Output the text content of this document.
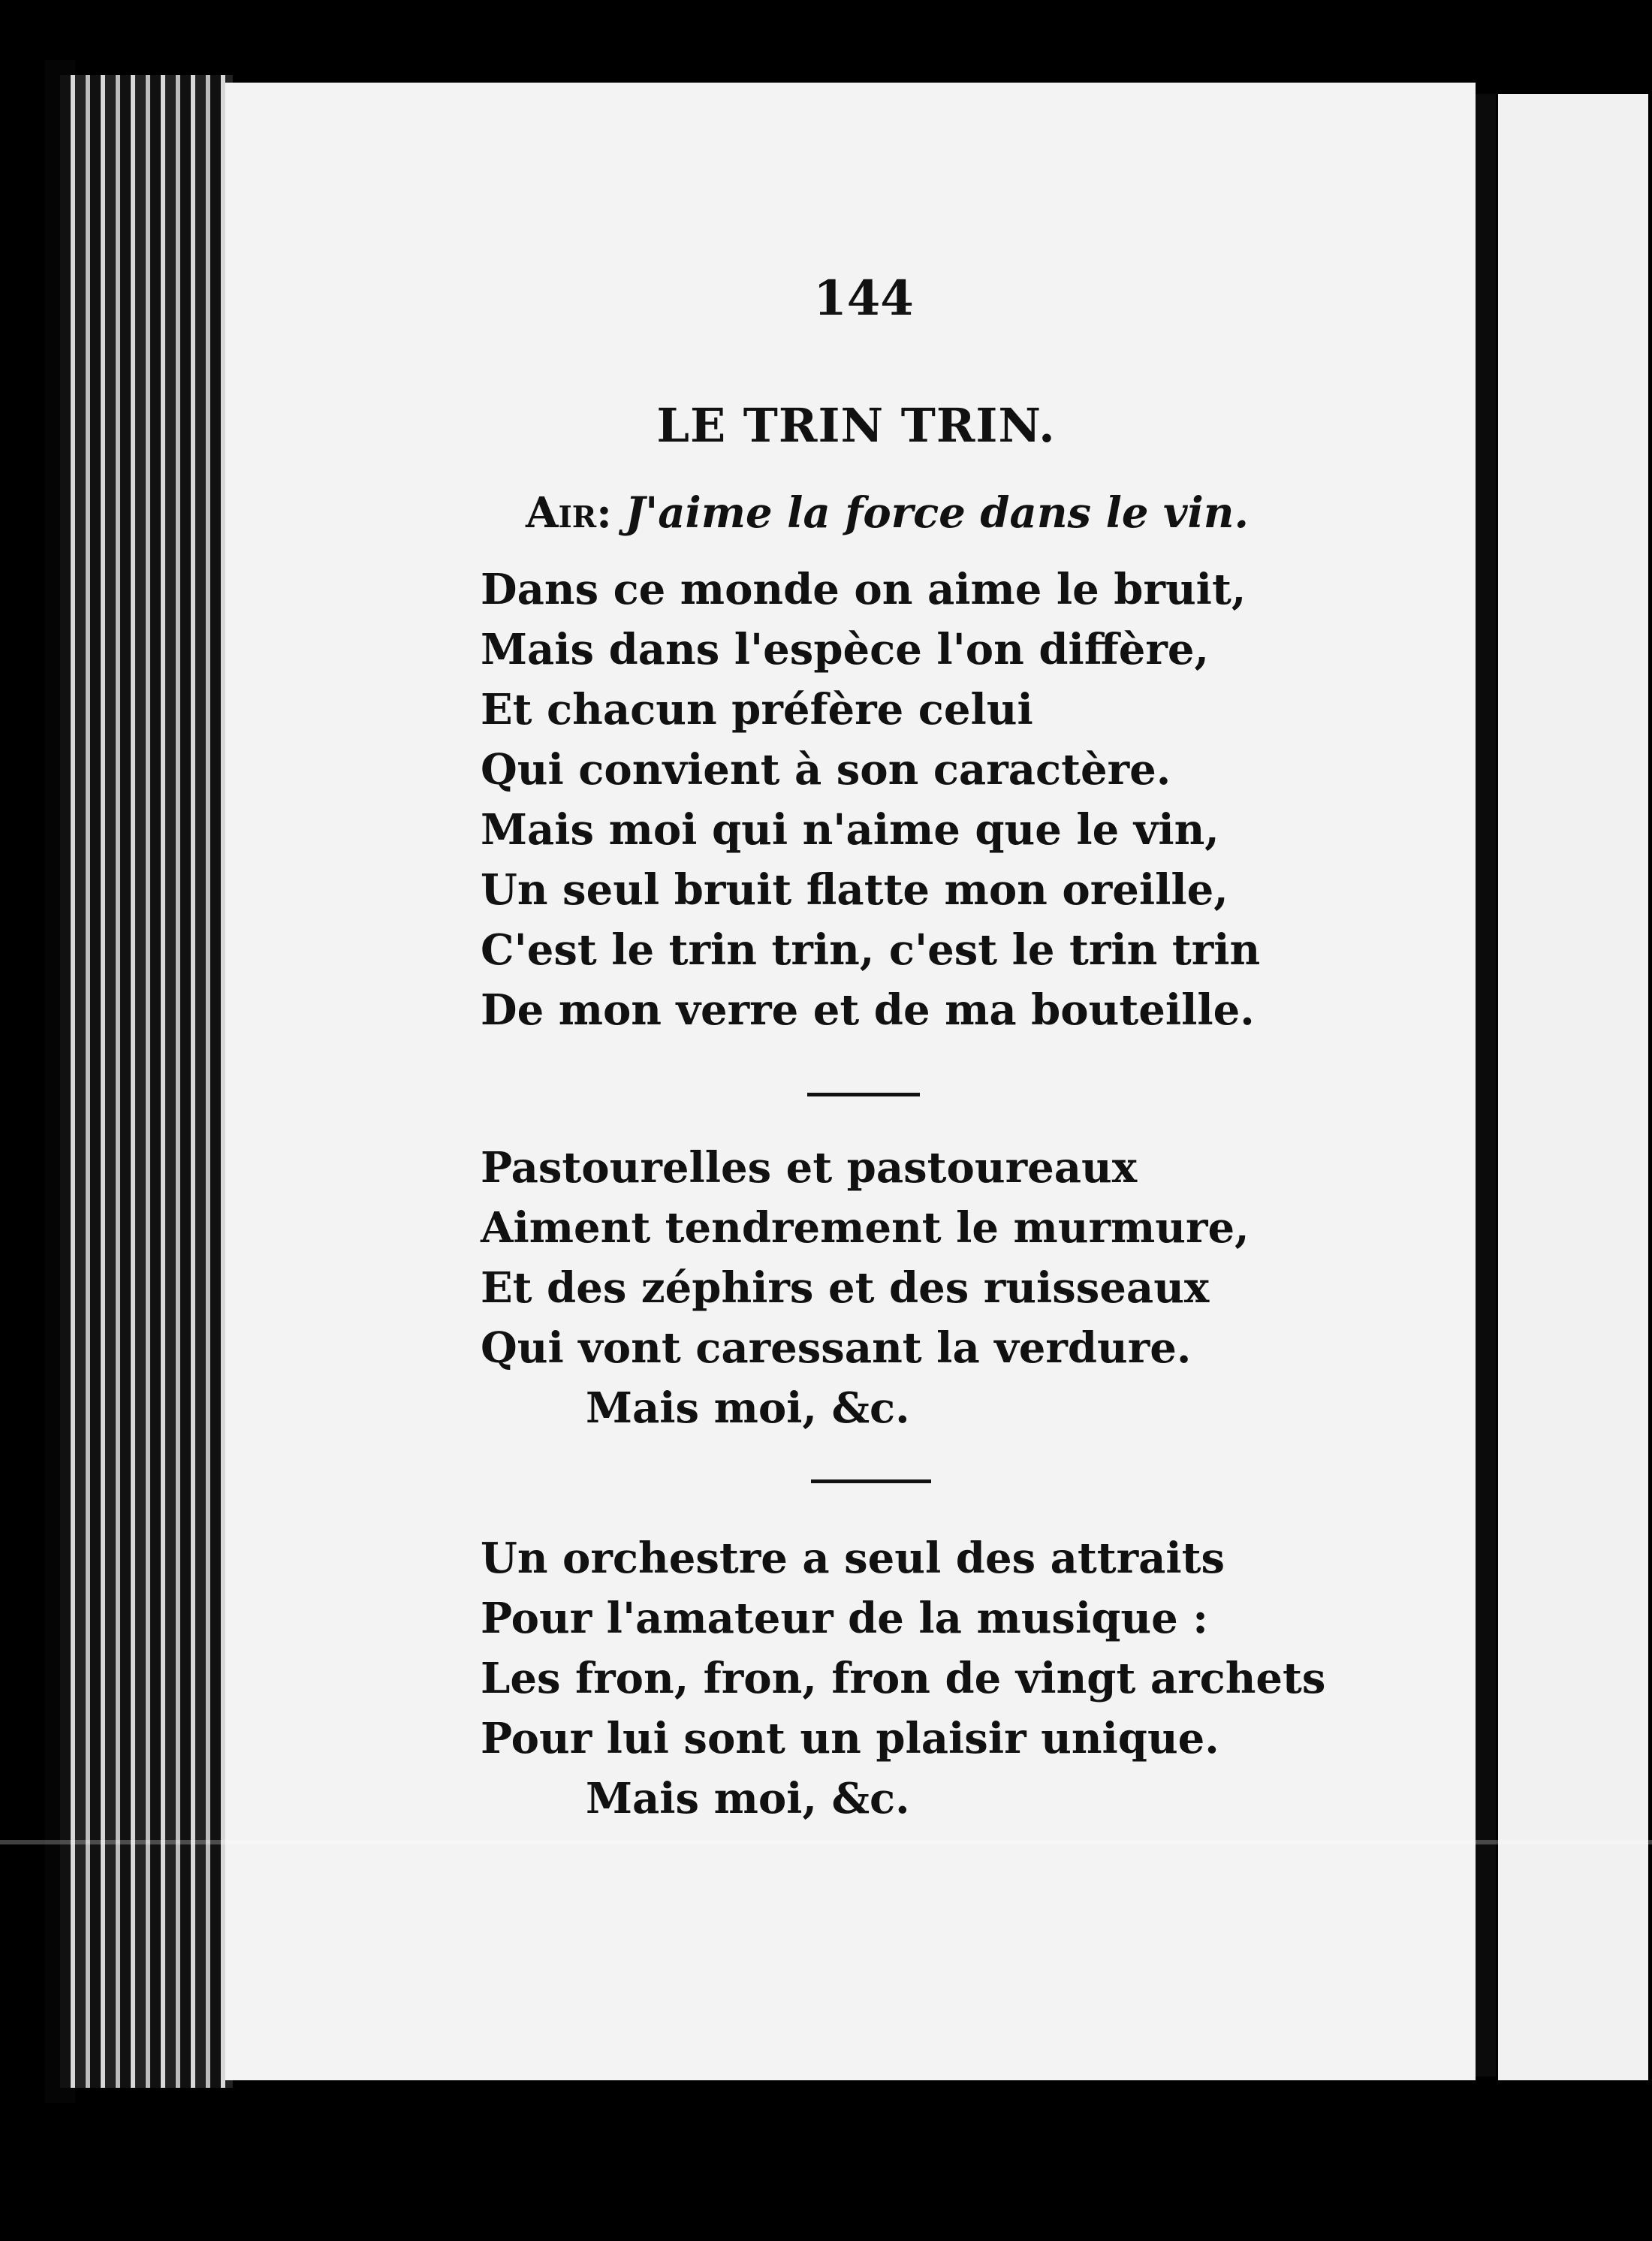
144
LE TRIN TRIN.
Air: J'aime la force dans le vin.
Dans ce monde on aime le bruit,
Mais dans l'espèce l'on diffère,
Et chacun préfère celui
Qui convient à son caractère.
Mais moi qui n'aime que le vin,
Un seul bruit flatte mon oreille,
C'est le trin trin, c'est le trin trin
De mon verre et de ma bouteille.
Pastourelles et pastoureaux
Aiment tendrement le murmure,
Et des zéphirs et des ruisseaux
Qui vont caressant la verdure.
Mais moi, &c.
Un orchestre a seul des attraits
Pour l'amateur de la musique :
Les fron, fron, fron de vingt archets
Pour lui sont un plaisir unique.
Mais moi, &c.
